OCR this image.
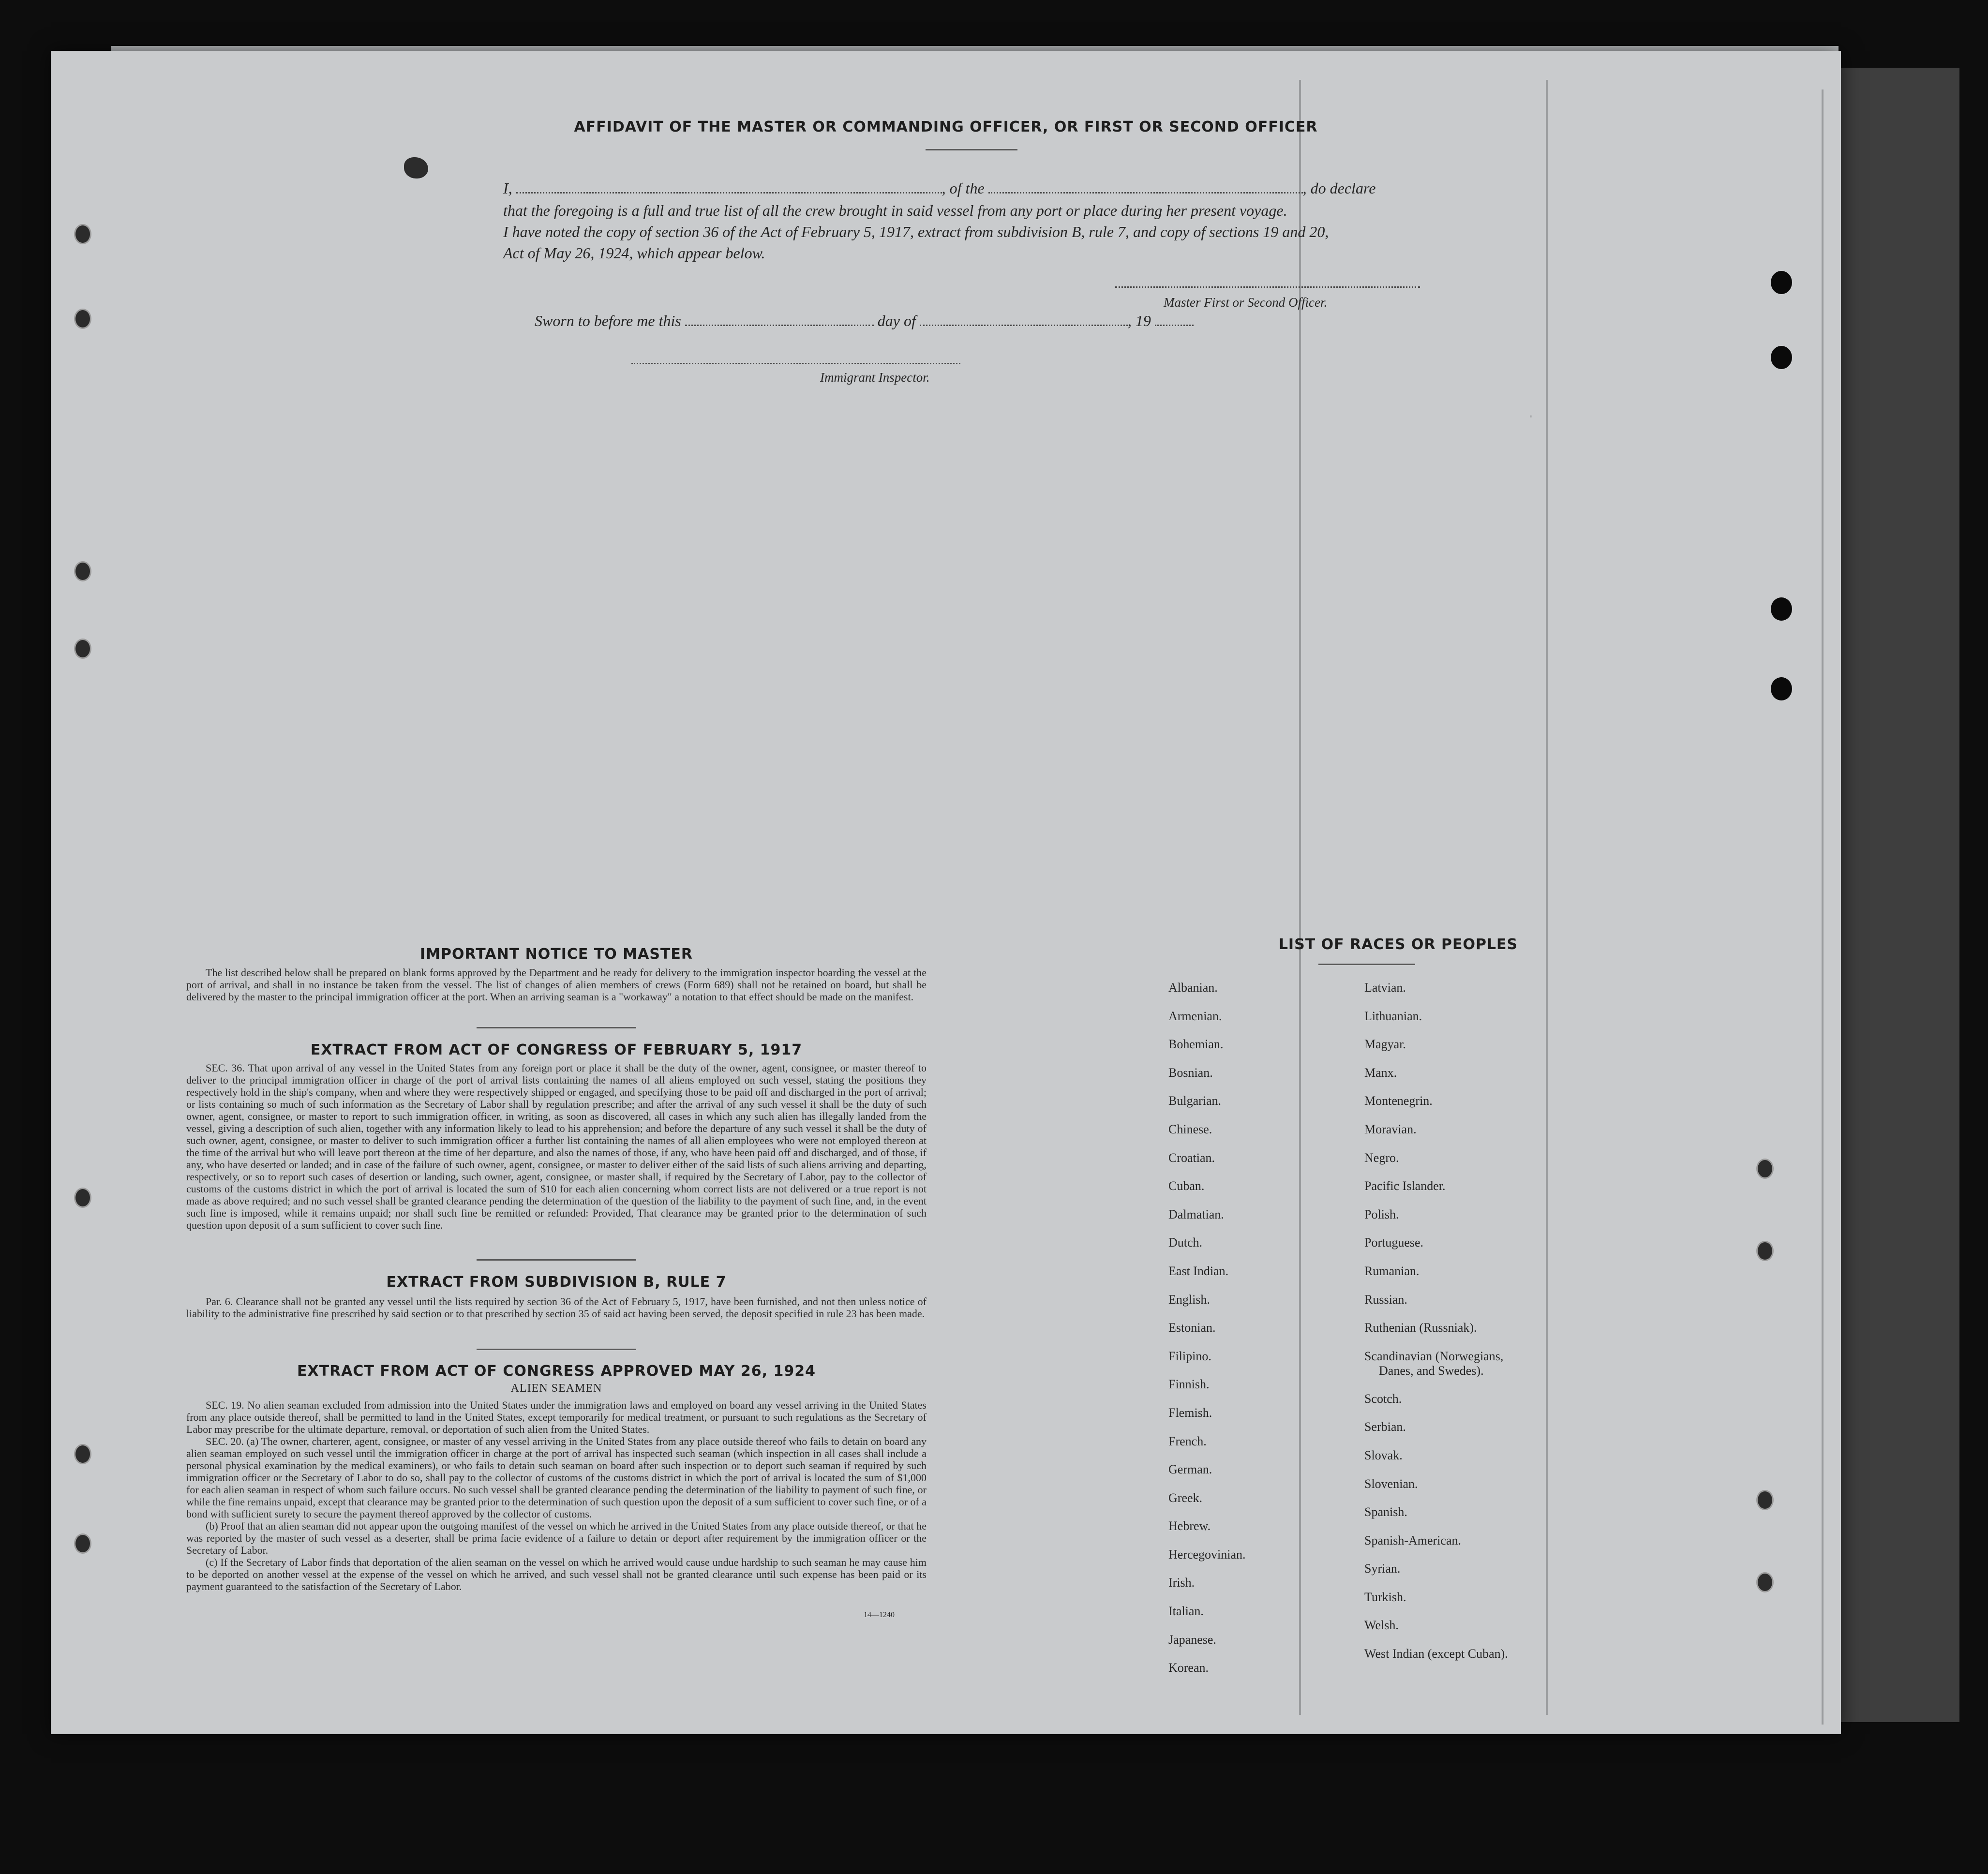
AFFIDAVIT OF THE MASTER OR COMMANDING OFFICER, OR FIRST OR SECOND OFFICER
I,	, of the	, do declare
that the foregoing is a full and true list of all the crew brought in said vessel from any port or place during her present voyage.
I have noted the copy of section 36 of the Act of February 5, 1917, extract from subdivision B, rule 7, and copy of sections 19 and 20,
Act of May 26, 1924, which appear below.
Master First or Second Officer.
Sworn to before me this	day of	, 19
Immigrant Inspector.
·
IMPORTANT NOTICE TO MASTER
The list described below shall be prepared on blank forms approved by the Department and be ready for delivery to the immigration inspector boarding the vessel at the port of arrival, and shall in no instance be taken from the vessel. The list of changes of alien members of crews (Form 689) shall not be retained on board, but shall be delivered by the master to the principal immigration officer at the port. When an arriving seaman is a "workaway" a notation to that effect should be made on the manifest.
EXTRACT FROM ACT OF CONGRESS OF FEBRUARY 5, 1917
SEC. 36. That upon arrival of any vessel in the United States from any foreign port or place it shall be the duty of the owner, agent, consignee, or master thereof to deliver to the principal immigration officer in charge of the port of arrival lists containing the names of all aliens employed on such vessel, stating the positions they respectively hold in the ship's company, when and where they were respectively shipped or engaged, and specifying those to be paid off and discharged in the port of arrival; or lists containing so much of such information as the Secretary of Labor shall by regulation prescribe; and after the arrival of any such vessel it shall be the duty of such owner, agent, consignee, or master to report to such immigration officer, in writing, as soon as discovered, all cases in which any such alien has illegally landed from the vessel, giving a description of such alien, together with any information likely to lead to his apprehension; and before the departure of any such vessel it shall be the duty of such owner, agent, consignee, or master to deliver to such immigration officer a further list containing the names of all alien employees who were not employed thereon at the time of the arrival but who will leave port thereon at the time of her departure, and also the names of those, if any, who have been paid off and discharged, and of those, if any, who have deserted or landed; and in case of the failure of such owner, agent, consignee, or master to deliver either of the said lists of such aliens arriving and departing, respectively, or so to report such cases of desertion or landing, such owner, agent, consignee, or master shall, if required by the Secretary of Labor, pay to the collector of customs of the customs district in which the port of arrival is located the sum of $10 for each alien concerning whom correct lists are not delivered or a true report is not made as above required; and no such vessel shall be granted clearance pending the determination of the question of the liability to the payment of such fine, and, in the event such fine is imposed, while it remains unpaid; nor shall such fine be remitted or refunded: Provided, That clearance may be granted prior to the determination of such question upon deposit of a sum sufficient to cover such fine.
EXTRACT FROM SUBDIVISION B, RULE 7
Par. 6. Clearance shall not be granted any vessel until the lists required by section 36 of the Act of February 5, 1917, have been furnished, and not then unless notice of liability to the administrative fine prescribed by said section or to that prescribed by section 35 of said act having been served, the deposit specified in rule 23 has been made.
EXTRACT FROM ACT OF CONGRESS APPROVED MAY 26, 1924
ALIEN SEAMEN
SEC. 19. No alien seaman excluded from admission into the United States under the immigration laws and employed on board any vessel arriving in the United States from any place outside thereof, shall be permitted to land in the United States, except temporarily for medical treatment, or pursuant to such regulations as the Secretary of Labor may prescribe for the ultimate departure, removal, or deportation of such alien from the United States.
SEC. 20. (a) The owner, charterer, agent, consignee, or master of any vessel arriving in the United States from any place outside thereof who fails to detain on board any alien seaman employed on such vessel until the immigration officer in charge at the port of arrival has inspected such seaman (which inspection in all cases shall include a personal physical examination by the medical examiners), or who fails to detain such seaman on board after such inspection or to deport such seaman if required by such immigration officer or the Secretary of Labor to do so, shall pay to the collector of customs of the customs district in which the port of arrival is located the sum of $1,000 for each alien seaman in respect of whom such failure occurs. No such vessel shall be granted clearance pending the determination of the liability to payment of such fine, or while the fine remains unpaid, except that clearance may be granted prior to the determination of such question upon the deposit of a sum sufficient to cover such fine, or of a bond with sufficient surety to secure the payment thereof approved by the collector of customs.
(b) Proof that an alien seaman did not appear upon the outgoing manifest of the vessel on which he arrived in the United States from any place outside thereof, or that he was reported by the master of such vessel as a deserter, shall be prima facie evidence of a failure to detain or deport after requirement by the immigration officer or the Secretary of Labor.
(c) If the Secretary of Labor finds that deportation of the alien seaman on the vessel on which he arrived would cause undue hardship to such seaman he may cause him to be deported on another vessel at the expense of the vessel on which he arrived, and such vessel shall not be granted clearance until such expense has been paid or its payment guaranteed to the satisfaction of the Secretary of Labor.
14—1240
LIST OF RACES OR PEOPLES
Albanian.
Armenian.
Bohemian.
Bosnian.
Bulgarian.
Chinese.
Croatian.
Cuban.
Dalmatian.
Dutch.
East Indian.
English.
Estonian.
Filipino.
Finnish.
Flemish.
French.
German.
Greek.
Hebrew.
Hercegovinian.
Irish.
Italian.
Japanese.
Korean.
Latvian.
Lithuanian.
Magyar.
Manx.
Montenegrin.
Moravian.
Negro.
Pacific Islander.
Polish.
Portuguese.
Rumanian.
Russian.
Ruthenian (Russniak).
Scandinavian (Norwegians,
Danes, and Swedes).
Scotch.
Serbian.
Slovak.
Slovenian.
Spanish.
Spanish-American.
Syrian.
Turkish.
Welsh.
West Indian (except Cuban).
